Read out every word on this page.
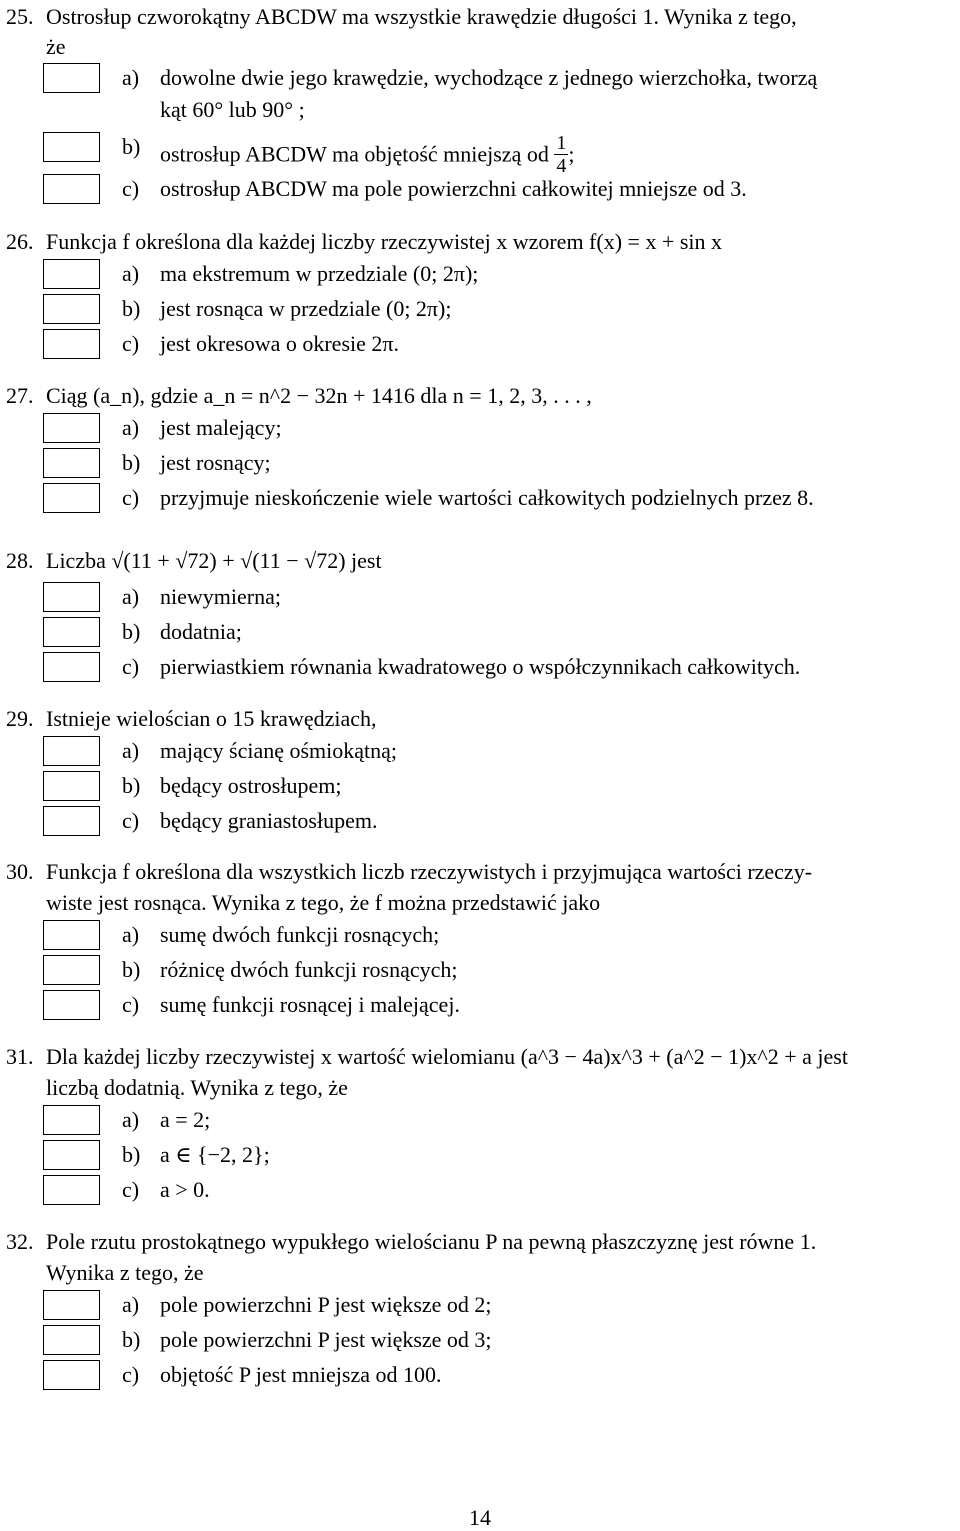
25. Ostrosłup czworokątny ABCDW ma wszystkie krawędzie długości 1. Wynika z tego,
że
a) dowolne dwie jego krawędzie, wychodzące z jednego wierzchołka, tworzą
kąt 60° lub 90° ;
b) ostrosłup ABCDW ma objętość mniejszą od $\frac{1}{4}$ ;
c) ostrosłup ABCDW ma pole powierzchni całkowitej mniejsze od 3.
26. Funkcja f określona dla każdej liczby rzeczywistej x wzorem f(x) = x + sin x
a) ma ekstremum w przedziale (0; 2π);
b) jest rosnąca w przedziale (0; 2π);
c) jest okresowa o okresie 2π.
27. Ciąg (a_n), gdzie a_n = n^2 − 32n + 1416 dla n = 1, 2, 3, . . . ,
a) jest malejący;
b) jest rosnący;
c) przyjmuje nieskończenie wiele wartości całkowitych podzielnych przez 8.
28. Liczba √(11 + √72) + √(11 − √72) jest
a) niewymierna;
b) dodatnia;
c) pierwiastkiem równania kwadratowego o współczynnikach całkowitych.
29. Istnieje wielościan o 15 krawędziach,
a) mający ścianę ośmiokątną;
b) będący ostrosłupem;
c) będący graniastosłupem.
30. Funkcja f określona dla wszystkich liczb rzeczywistych i przyjmująca wartości rzeczy-
wiste jest rosnąca. Wynika z tego, że f można przedstawić jako
a) sumę dwóch funkcji rosnących;
b) różnicę dwóch funkcji rosnących;
c) sumę funkcji rosnącej i malejącej.
31. Dla każdej liczby rzeczywistej x wartość wielomianu (a^3 − 4a)x^3 + (a^2 − 1)x^2 + a jest
liczbą dodatnią. Wynika z tego, że
a) a = 2;
b) a ∈ {−2, 2};
c) a > 0.
32. Pole rzutu prostokątnego wypukłego wielościanu P na pewną płaszczyznę jest równe 1.
Wynika z tego, że
a) pole powierzchni P jest większe od 2;
b) pole powierzchni P jest większe od 3;
c) objętość P jest mniejsza od 100.
14
